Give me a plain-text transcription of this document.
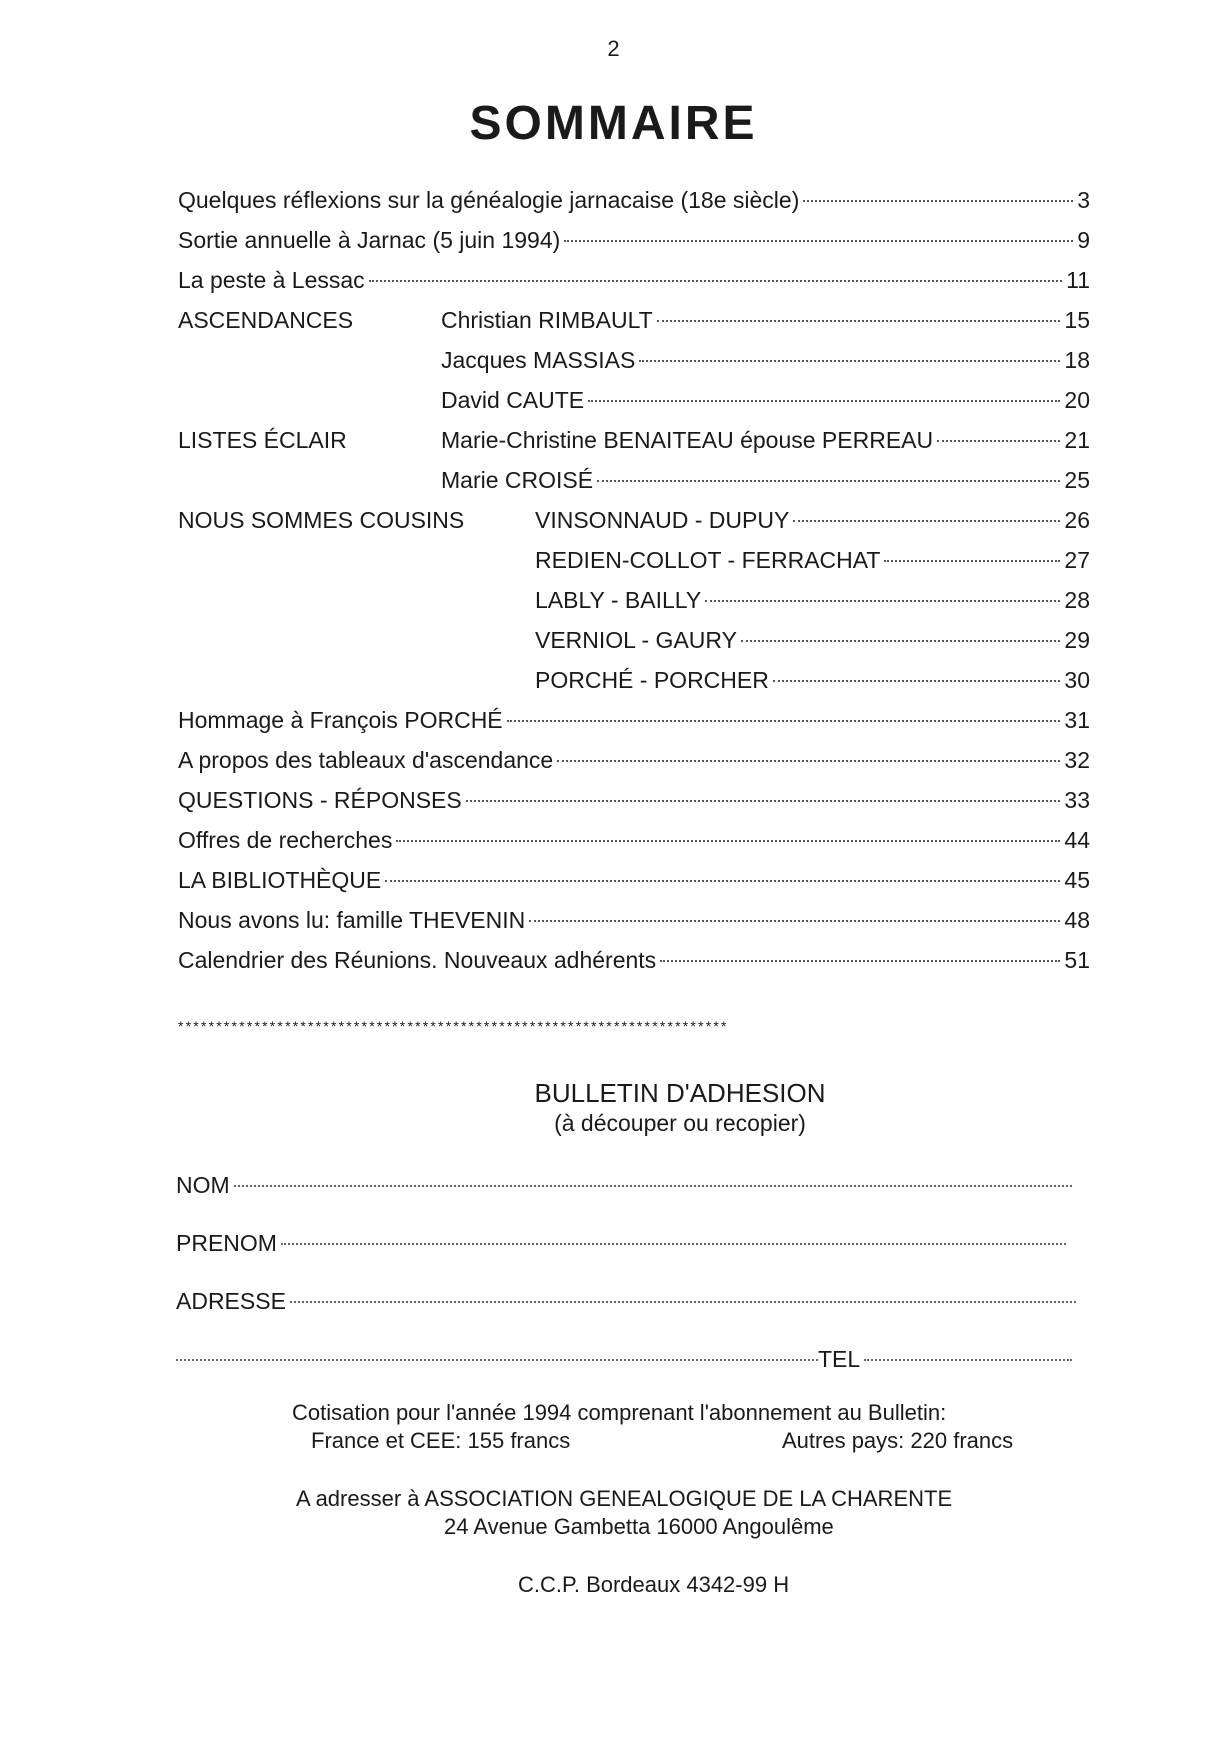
2
SOMMAIRE
Quelques réflexions sur la généalogie jarnacaise (18e siècle)	3
Sortie annuelle à Jarnac (5 juin 1994)	9
La peste à Lessac	11
ASCENDANCES	Christian RIMBAULT	15
Jacques MASSIAS	18
David CAUTE	20
LISTES ÉCLAIR	Marie-Christine BENAITEAU épouse PERREAU	21
Marie CROISÉ	25
NOUS SOMMES COUSINS	VINSONNAUD - DUPUY	26
REDIEN-COLLOT - FERRACHAT	27
LABLY - BAILLY	28
VERNIOL - GAURY	29
PORCHÉ - PORCHER	30
Hommage à François PORCHÉ	31
A propos des tableaux d'ascendance	32
QUESTIONS - RÉPONSES	33
Offres de recherches	44
LA BIBLIOTHÈQUE	45
Nous avons lu: famille THEVENIN	48
Calendrier des Réunions. Nouveaux adhérents	51
************************************************************************
BULLETIN D'ADHESION
(à découper ou recopier)
NOM
PRENOM
ADRESSE
TEL
Cotisation pour l'année 1994 comprenant l'abonnement au Bulletin:
France et CEE: 155 francs	Autres pays: 220 francs
A adresser à ASSOCIATION GENEALOGIQUE DE LA CHARENTE
24 Avenue Gambetta 16000 Angoulême
C.C.P. Bordeaux 4342-99 H
